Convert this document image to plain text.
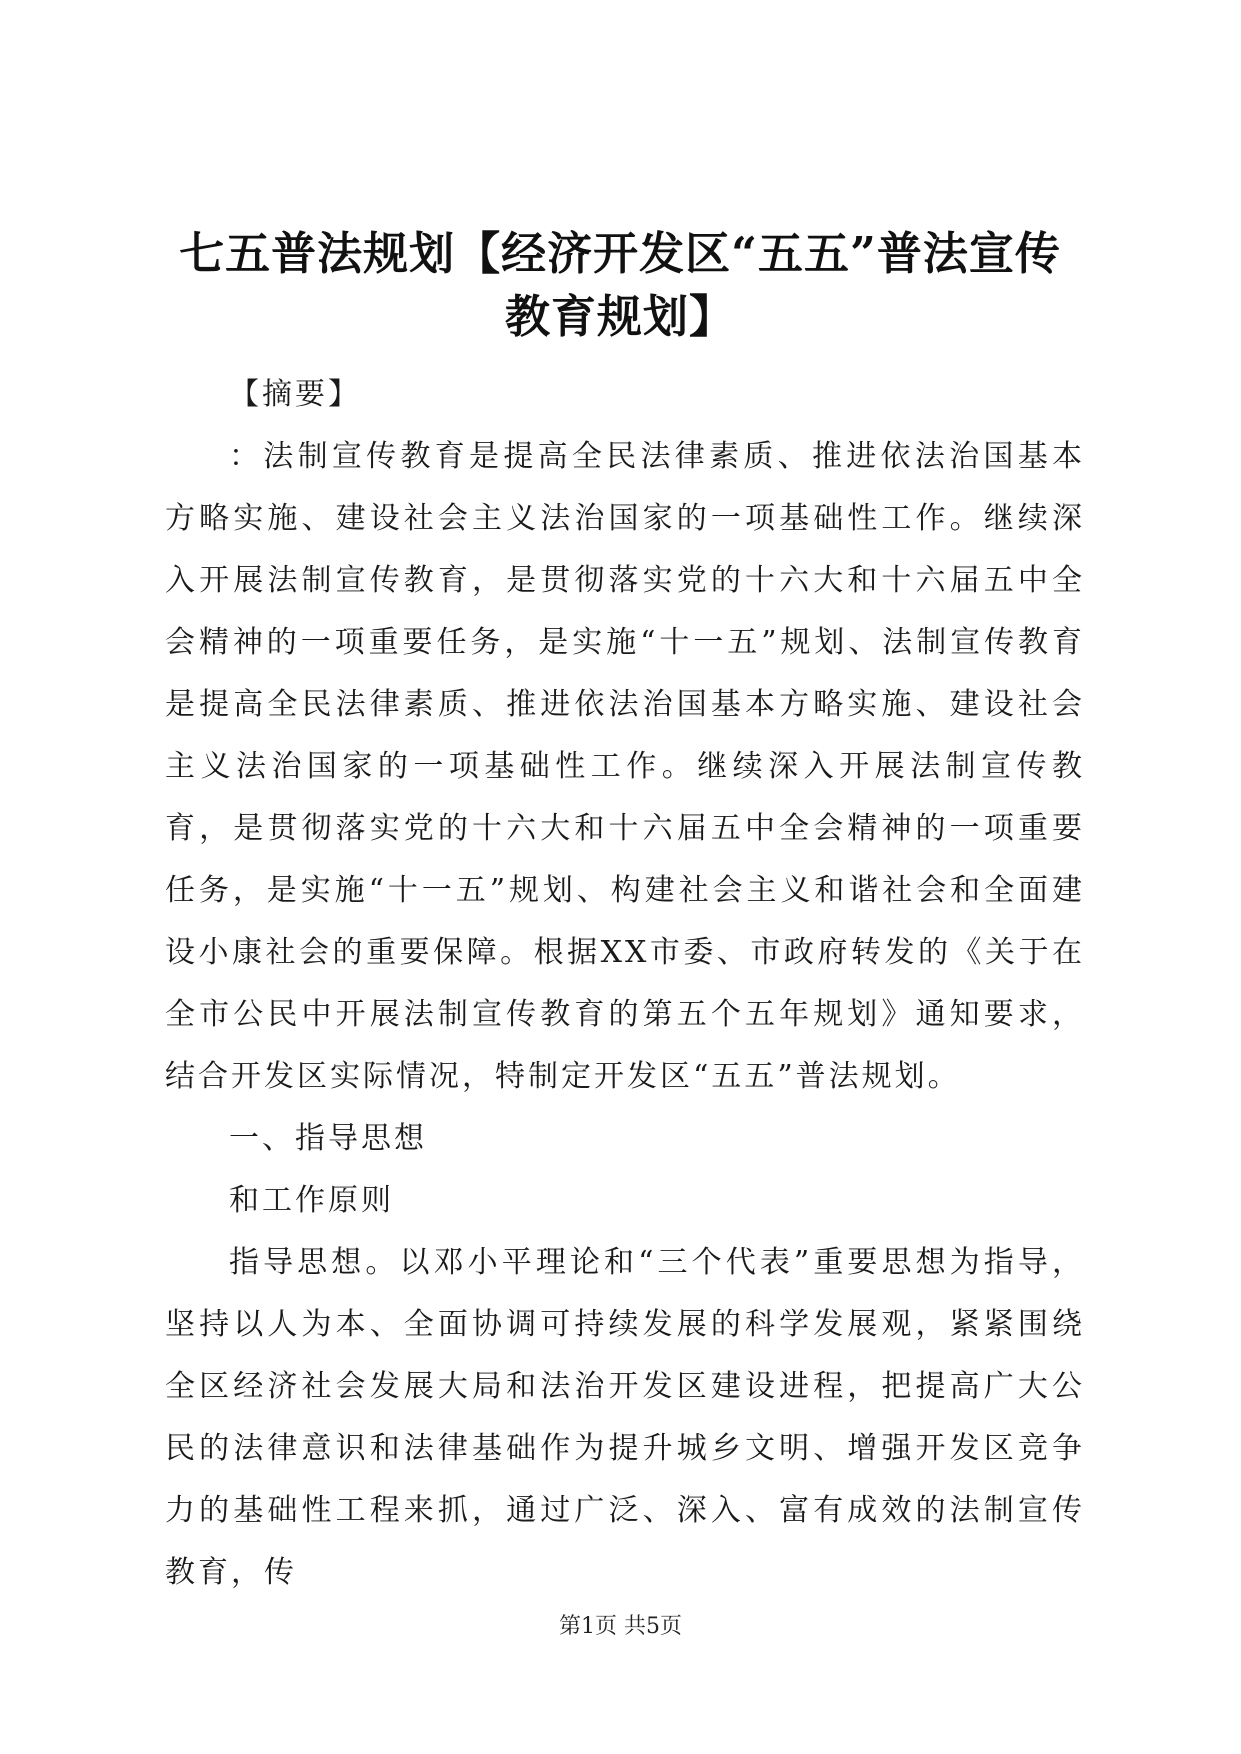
七五普法规划【经济开发区“五五”普法宣传
教育规划】

【摘要】

：法制宣传教育是提高全民法律素质、推进依法治国基本方略实施、建设社会主义法治国家的一项基础性工作。继续深入开展法制宣传教育，是贯彻落实党的十六大和十六届五中全会精神的一项重要任务，是实施“十一五”规划、法制宣传教育是提高全民法律素质、推进依法治国基本方略实施、建设社会主义法治国家的一项基础性工作。继续深入开展法制宣传教育，是贯彻落实党的十六大和十六届五中全会精神的一项重要任务，是实施“十一五”规划、构建社会主义和谐社会和全面建设小康社会的重要保障。根据XX市委、市政府转发的《关于在全市公民中开展法制宣传教育的第五个五年规划》通知要求，结合开发区实际情况，特制定开发区“五五”普法规划。

一、指导思想

和工作原则

指导思想。以邓小平理论和“三个代表”重要思想为指导，坚持以人为本、全面协调可持续发展的科学发展观，紧紧围绕全区经济社会发展大局和法治开发区建设进程，把提高广大公民的法律意识和法律基础作为提升城乡文明、增强开发区竞争力的基础性工程来抓，通过广泛、深入、富有成效的法制宣传教育，传

第1页 共5页
